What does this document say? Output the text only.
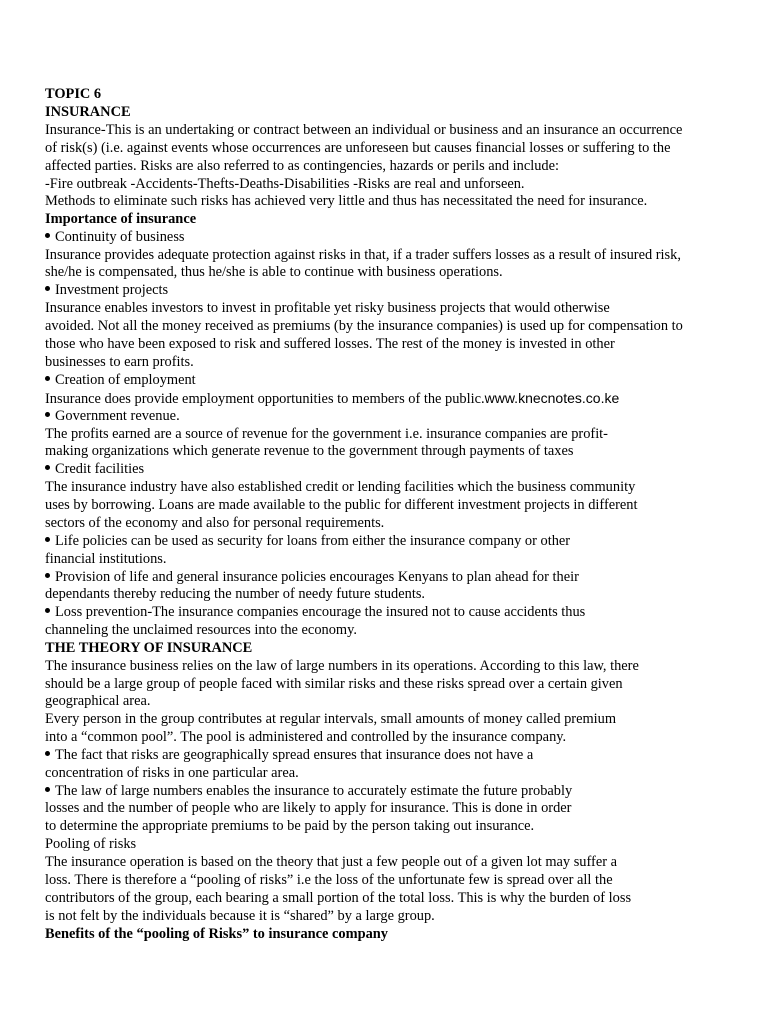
TOPIC 6
INSURANCE
Insurance-This is an undertaking or contract between an individual or business and an insurance an occurrence
of risk(s) (i.e. against events whose occurrences are unforeseen but causes financial losses or suffering to the
affected parties. Risks are also referred to as contingencies, hazards or perils and include:
-Fire outbreak -Accidents-Thefts-Deaths-Disabilities -Risks are real and unforseen.
Methods to eliminate such risks has achieved very little and thus has necessitated the need for insurance.
Importance of insurance
Continuity of business
Insurance provides adequate protection against risks in that, if a trader suffers losses as a result of insured risk,
she/he is compensated, thus he/she is able to continue with business operations.
Investment projects
Insurance enables investors to invest in profitable yet risky business projects that would otherwise
avoided. Not all the money received as premiums (by the insurance companies) is used up for compensation to
those who have been exposed to risk and suffered losses. The rest of the money is invested in other
businesses to earn profits.
Creation of employment
Insurance does provide employment opportunities to members of the public.www.knecnotes.co.ke
Government revenue.
The profits earned are a source of revenue for the government i.e. insurance companies are profit-
making organizations which generate revenue to the government through payments of taxes
Credit facilities
The insurance industry have also established credit or lending facilities which the business community
uses by borrowing. Loans are made available to the public for different investment projects in different
sectors of the economy and also for personal requirements.
Life policies can be used as security for loans from either the insurance company or other
financial institutions.
Provision of life and general insurance policies encourages Kenyans to plan ahead for their
dependants thereby reducing the number of needy future students.
Loss prevention-The insurance companies encourage the insured not to cause accidents thus
channeling the unclaimed resources into the economy.
THE THEORY OF INSURANCE
The insurance business relies on the law of large numbers in its operations. According to this law, there
should be a large group of people faced with similar risks and these risks spread over a certain given
geographical area.
Every person in the group contributes at regular intervals, small amounts of money called premium
into a “common pool”. The pool is administered and controlled by the insurance company.
The fact that risks are geographically spread ensures that insurance does not have a
concentration of risks in one particular area.
The law of large numbers enables the insurance to accurately estimate the future probably
losses and the number of people who are likely to apply for insurance. This is done in order
to determine the appropriate premiums to be paid by the person taking out insurance.
Pooling of risks
The insurance operation is based on the theory that just a few people out of a given lot may suffer a
loss. There is therefore a “pooling of risks” i.e the loss of the unfortunate few is spread over all the
contributors of the group, each bearing a small portion of the total loss. This is why the burden of loss
is not felt by the individuals because it is “shared” by a large group.
Benefits of the “pooling of Risks” to insurance company
